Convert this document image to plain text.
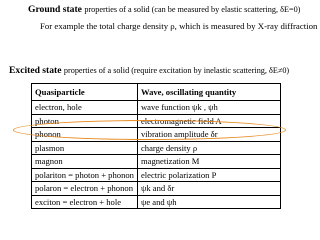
Ground state properties of a solid (can be measured by elastic scattering, δE=0)
For example the total charge density ρ, which is measured by X-ray diffraction
Excited state properties of a solid (require excitation by inelastic scattering, δE≠0)
Quasiparticle	Wave, oscillating quantity
electron, hole	wave function ψk , ψh
photon	electromagnetic field A
phonon	vibration amplitude δr
plasmon	charge density ρ
magnon	magnetization M
polariton = photon + phonon	electric polarization P
polaron = electron + phonon	ψk and δr
exciton = electron + hole	ψe and ψh
